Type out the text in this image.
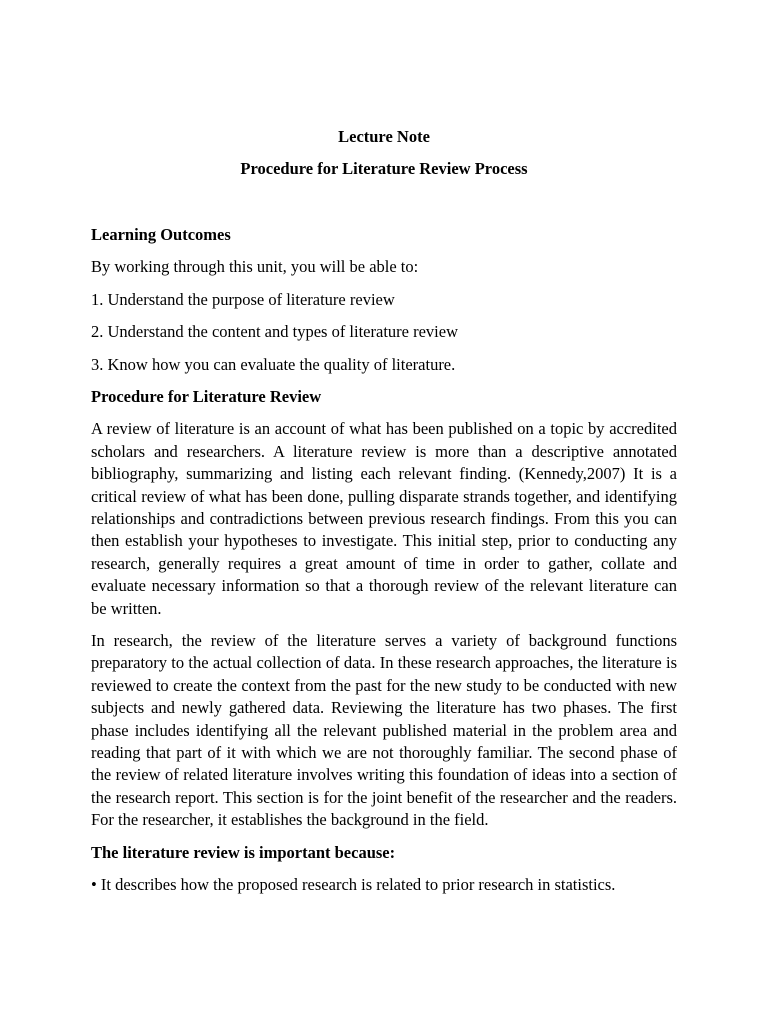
Lecture Note

Procedure for Literature Review Process

Learning Outcomes

By working through this unit, you will be able to:

1. Understand the purpose of literature review

2. Understand the content and types of literature review

3. Know how you can evaluate the quality of literature.

Procedure for Literature Review

A review of literature is an account of what has been published on a topic by accredited scholars and researchers. A literature review is more than a descriptive annotated bibliography, summarizing and listing each relevant finding. (Kennedy,2007) It is a critical review of what has been done, pulling disparate strands together, and identifying relationships and contradictions between previous research findings. From this you can then establish your hypotheses to investigate. This initial step, prior to conducting any research, generally requires a great amount of time in order to gather, collate and evaluate necessary information so that a thorough review of the relevant literature can be written.

In research, the review of the literature serves a variety of background functions preparatory to the actual collection of data. In these research approaches, the literature is reviewed to create the context from the past for the new study to be conducted with new subjects and newly gathered data. Reviewing the literature has two phases. The first phase includes identifying all the relevant published material in the problem area and reading that part of it with which we are not thoroughly familiar. The second phase of the review of related literature involves writing this foundation of ideas into a section of the research report. This section is for the joint benefit of the researcher and the readers. For the researcher, it establishes the background in the field.

The literature review is important because:

• It describes how the proposed research is related to prior research in statistics.
